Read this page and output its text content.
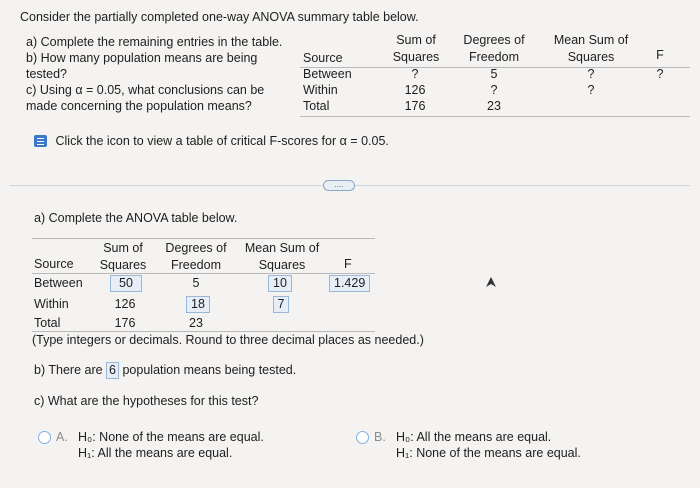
Consider the partially completed one-way ANOVA summary table below.
a) Complete the remaining entries in the table.
b) How many population means are being
tested?
c) Using α = 0.05, what conclusions can be
made concerning the population means?
Sum of
Squares
Degrees of
Freedom
Mean Sum of
Squares	F
Source
Between	?	5	?	?
Within	126	?	?
Total	176	23
Click the icon to view a table of critical F-scores for α = 0.05.
....
a) Complete the ANOVA table below.
Sum of
Squares
Degrees of
Freedom
Mean Sum of
Squares
Source	F
Between	50	5	10	1.429
Within	126	18	7
Total	176	23
(Type integers or decimals. Round to three decimal places as needed.)
b) There are 6 population means being tested.
c) What are the hypotheses for this test?
A. H₀: None of the means are equal.
H₁: All the means are equal.
B. H₀: All the means are equal.
H₁: None of the means are equal.
